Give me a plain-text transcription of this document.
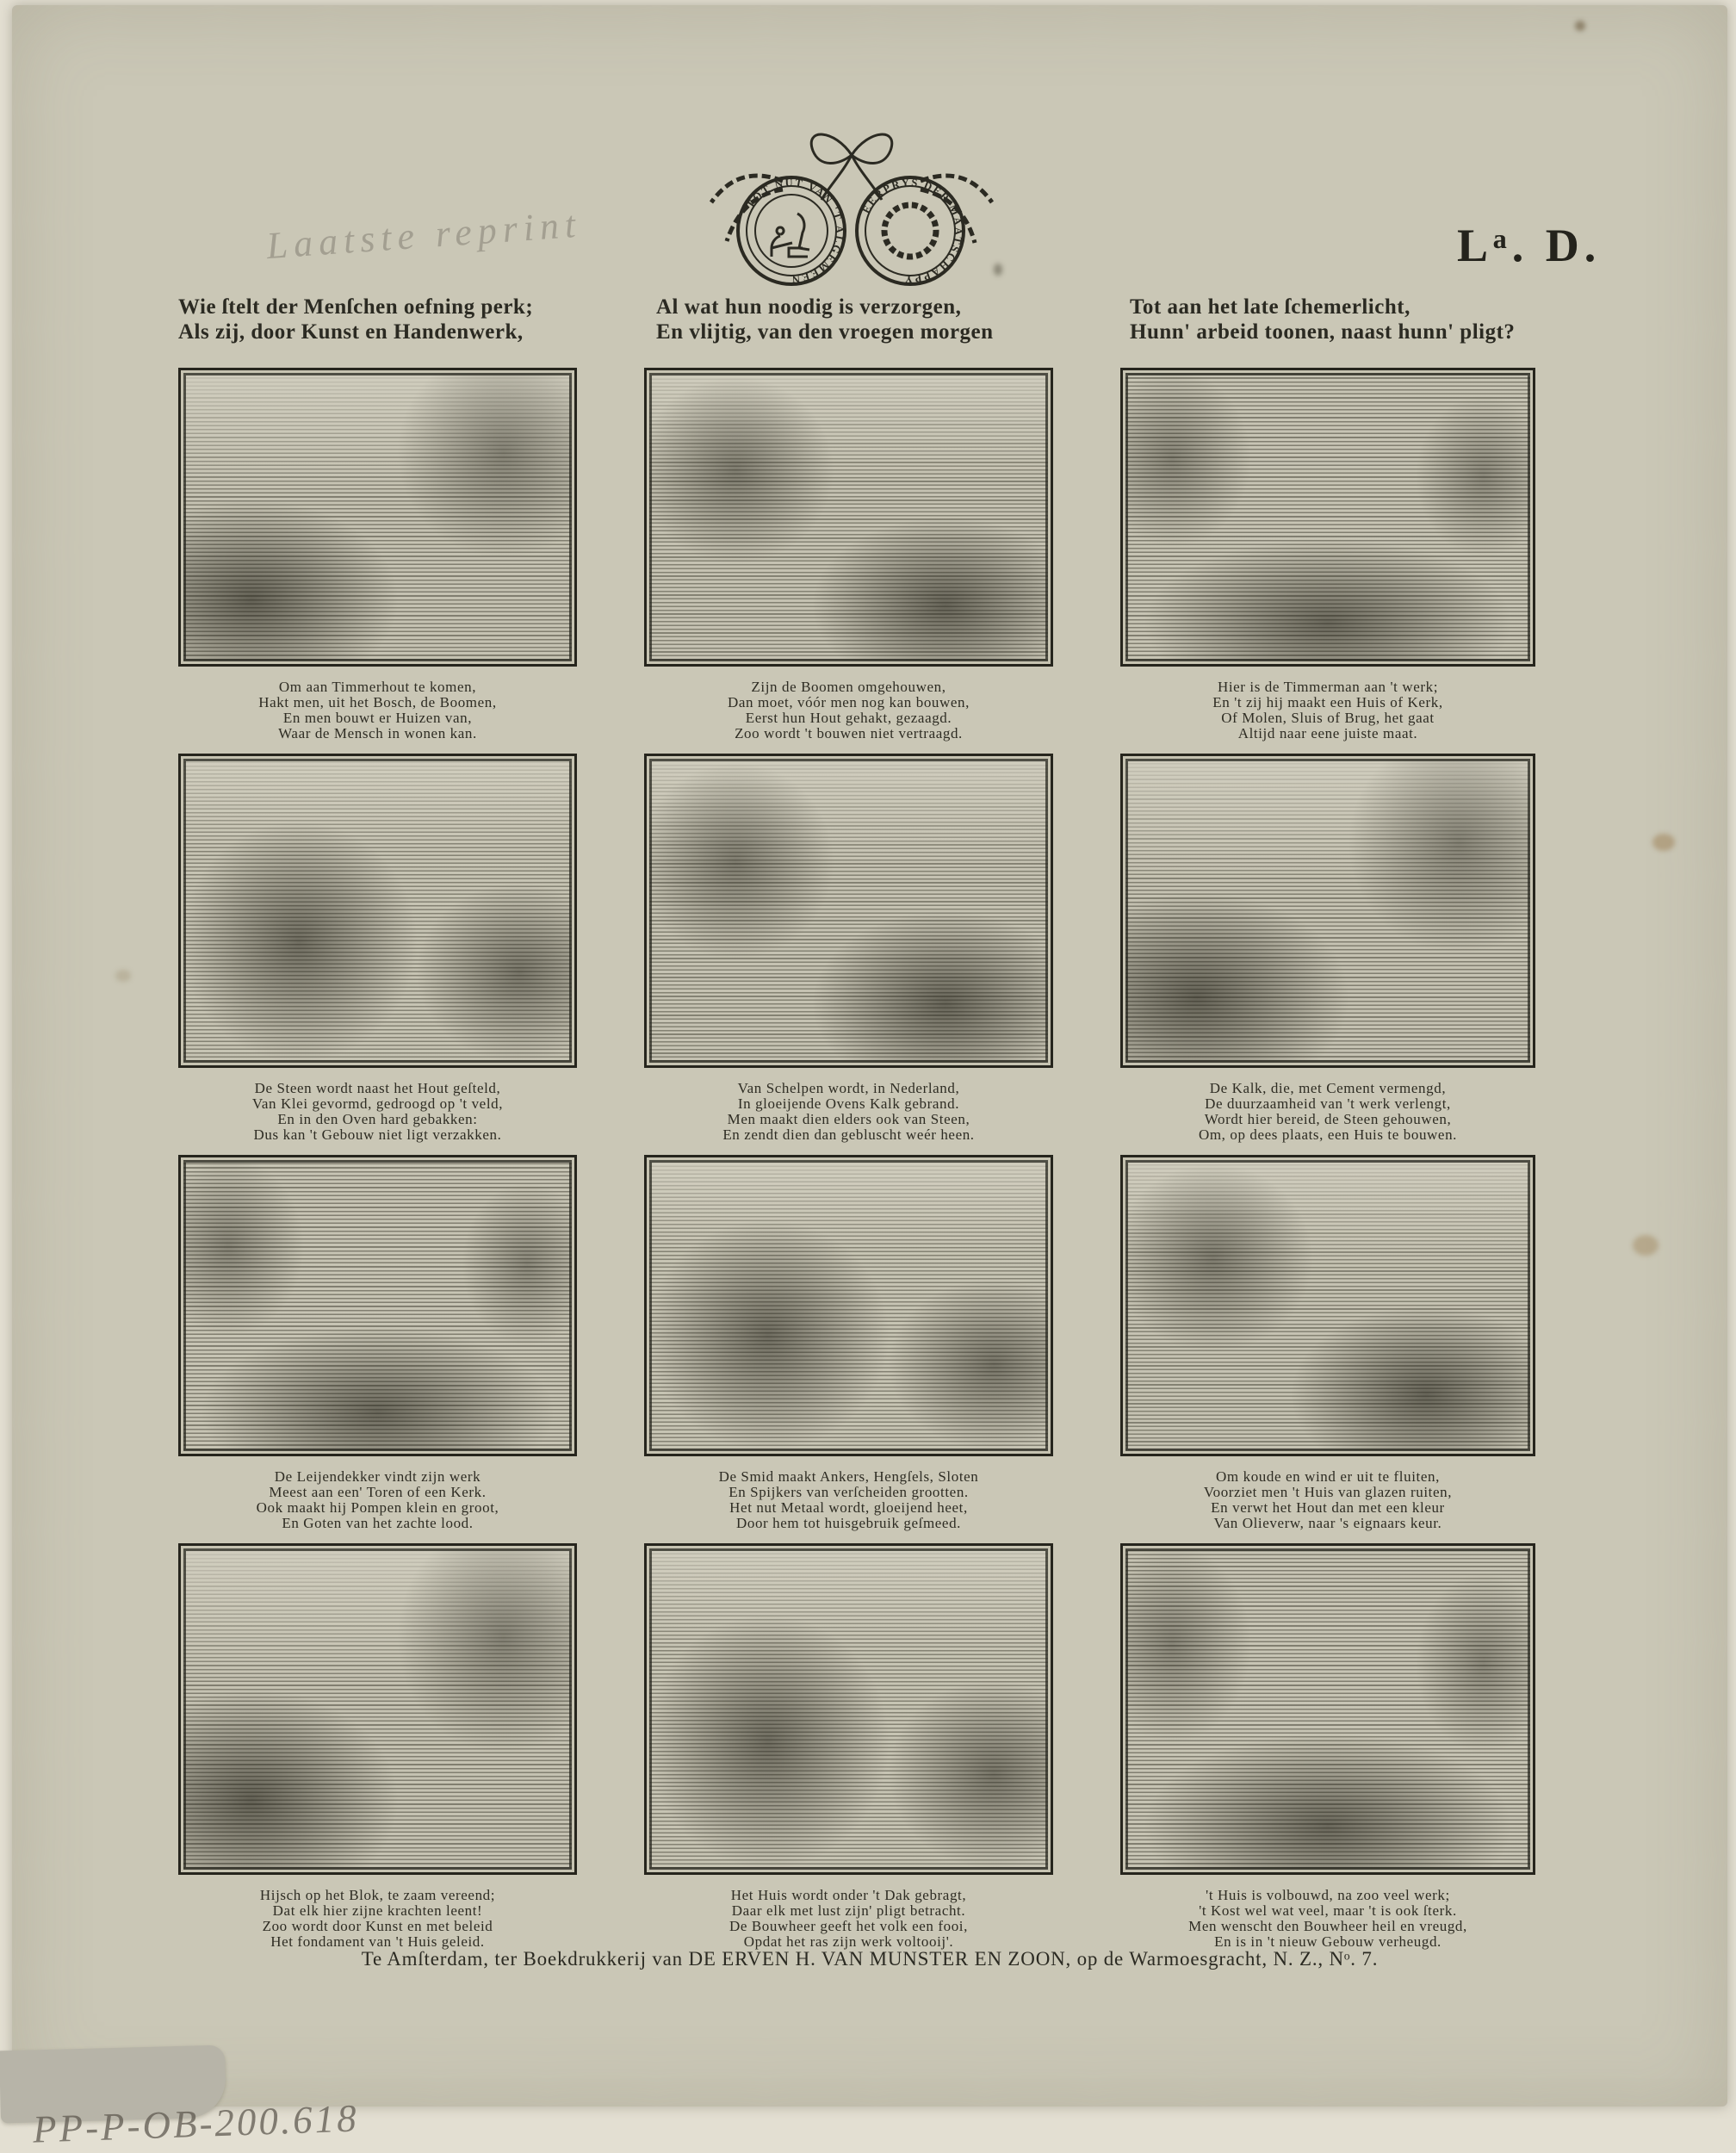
TOT NUT VAN 'T ALGEMEEN
EERPRYS DER MAATSCHAPPY
Laatste reprint	Lᵃ. D.
Wie ſtelt der Menſchen oefning perk;
Als zij, door Kunst en Handenwerk,
Al wat hun noodig is verzorgen,
En vlijtig, van den vroegen morgen
Tot aan het late ſchemerlicht,
Hunn' arbeid toonen, naast hunn' pligt?
Om aan Timmerhout te komen,
Hakt men, uit het Bosch, de Boomen,
En men bouwt er Huizen van,
Waar de Mensch in wonen kan.
Zijn de Boomen omgehouwen,
Dan moet, vóór men nog kan bouwen,
Eerst hun Hout gehakt, gezaagd.
Zoo wordt 't bouwen niet vertraagd.
Hier is de Timmerman aan 't werk;
En 't zij hij maakt een Huis of Kerk,
Of Molen, Sluis of Brug, het gaat
Altijd naar eene juiste maat.
De Steen wordt naast het Hout geſteld,
Van Klei gevormd, gedroogd op 't veld,
En in den Oven hard gebakken:
Dus kan 't Gebouw niet ligt verzakken.
Van Schelpen wordt, in Nederland,
In gloeijende Ovens Kalk gebrand.
Men maakt dien elders ook van Steen,
En zendt dien dan gebluscht weér heen.
De Kalk, die, met Cement vermengd,
De duurzaamheid van 't werk verlengt,
Wordt hier bereid, de Steen gehouwen,
Om, op dees plaats, een Huis te bouwen.
De Leijendekker vindt zijn werk
Meest aan een' Toren of een Kerk.
Ook maakt hij Pompen klein en groot,
En Goten van het zachte lood.
De Smid maakt Ankers, Hengſels, Sloten
En Spijkers van verſcheiden grootten.
Het nut Metaal wordt, gloeijend heet,
Door hem tot huisgebruik geſmeed.
Om koude en wind er uit te fluiten,
Voorziet men 't Huis van glazen ruiten,
En verwt het Hout dan met een kleur
Van Olieverw, naar 's eignaars keur.
Hijsch op het Blok, te zaam vereend;
Dat elk hier zijne krachten leent!
Zoo wordt door Kunst en met beleid
Het fondament van 't Huis geleid.
Het Huis wordt onder 't Dak gebragt,
Daar elk met lust zijn' pligt betracht.
De Bouwheer geeft het volk een fooi,
Opdat het ras zijn werk voltooij'.
't Huis is volbouwd, na zoo veel werk;
't Kost wel wat veel, maar 't is ook ſterk.
Men wenscht den Bouwheer heil en vreugd,
En is in 't nieuw Gebouw verheugd.
Te Amſterdam, ter Boekdrukkerij van DE ERVEN H. VAN MUNSTER EN ZOON, op de Warmoesgracht, N. Z., Nᵒ. 7.
PP-P-OB-200.618
